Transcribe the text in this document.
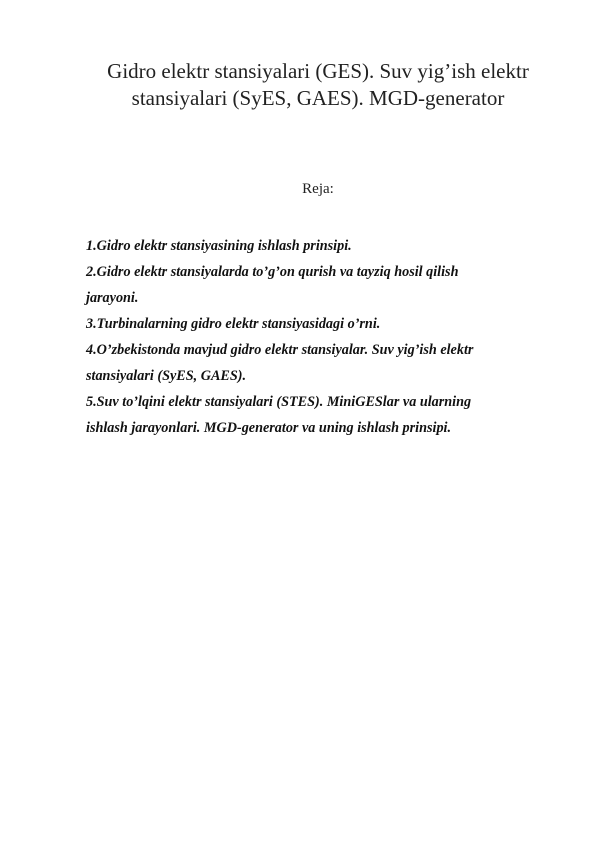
Gidro elektr stansiyalari (GES). Suv yig’ish elektr
stansiyalari (SyES, GAES). MGD-generator

Reja:

1.Gidro elektr stansiyasining ishlash prinsipi.
2.Gidro elektr stansiyalarda to’g’on qurish va tayziq hosil qilish
jarayoni.
3.Turbinalarning gidro elektr stansiyasidagi o’rni.
4.O’zbekistonda mavjud gidro elektr stansiyalar. Suv yig’ish elektr
stansiyalari (SyES, GAES).
5.Suv to’lqini elektr stansiyalari (STES). MiniGESlar va ularning
ishlash jarayonlari. MGD-generator va uning ishlash prinsipi.
